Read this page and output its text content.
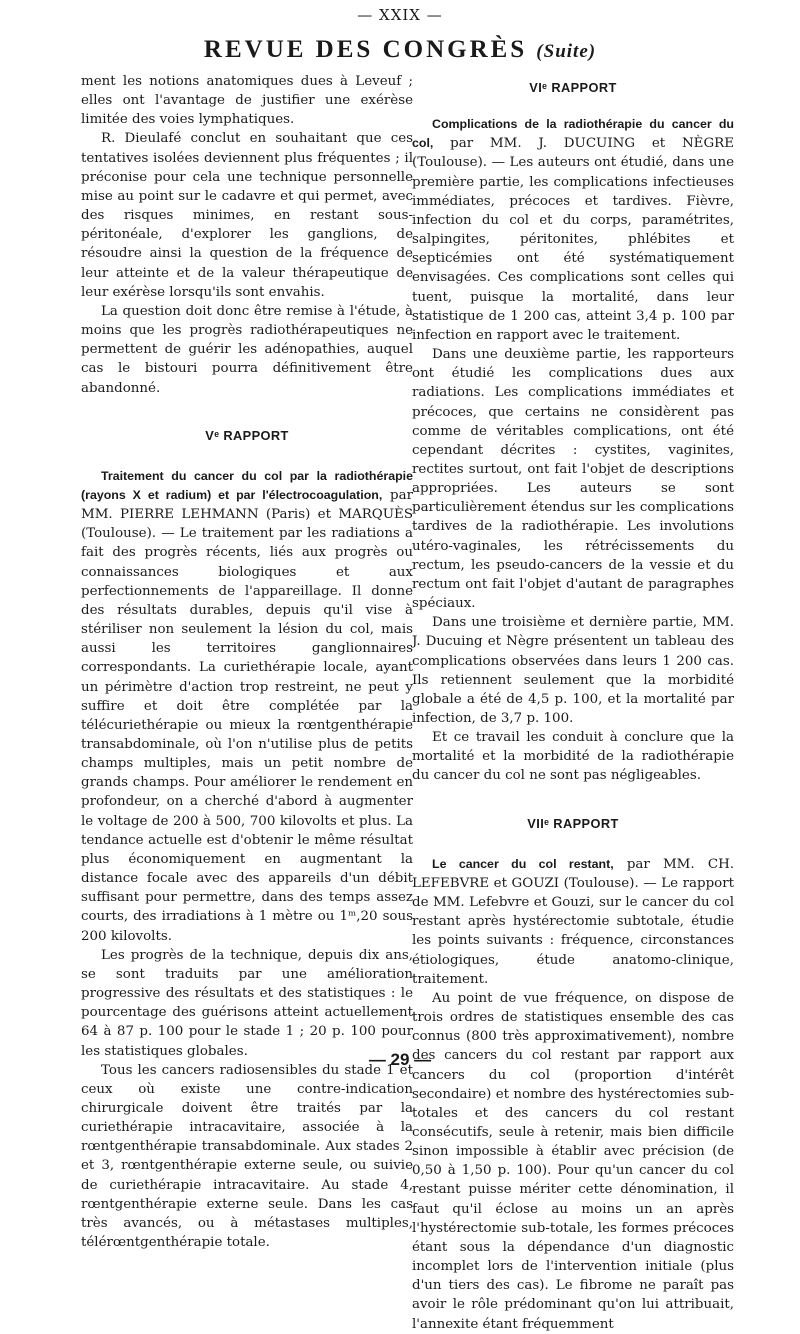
— XXIX —
REVUE DES CONGRÈS (Suite)

ment les notions anatomiques dues à Leveuf ; elles ont l'avantage de justifier une exérèse limitée des voies lymphatiques.

R. Dieulafé conclut en souhaitant que ces tentatives isolées deviennent plus fréquentes ; il préconise pour cela une technique personnelle mise au point sur le cadavre et qui permet, avec des risques minimes, en restant sous-péritonéale, d'explorer les ganglions, de résoudre ainsi la question de la fréquence de leur atteinte et de la valeur thérapeutique de leur exérèse lorsqu'ils sont envahis.

La question doit donc être remise à l'étude, à moins que les progrès radiothérapeutiques ne permettent de guérir les adénopathies, auquel cas le bistouri pourra définitivement être abandonné.

Vᵉ RAPPORT

Traitement du cancer du col par la radiothérapie (rayons X et radium) et par l'électrocoagulation, par MM. PIERRE LEHMANN (Paris) et MARQUÈS (Toulouse). — Le traitement par les radiations a fait des progrès récents, liés aux progrès ou connaissances biologiques et aux perfectionnements de l'appareillage. Il donne des résultats durables, depuis qu'il vise à stériliser non seulement la lésion du col, mais aussi les territoires ganglionnaires correspondants. La curiethérapie locale, ayant un périmètre d'action trop restreint, ne peut y suffire et doit être complétée par la télécuriethérapie ou mieux la rœntgenthérapie transabdominale, où l'on n'utilise plus de petits champs multiples, mais un petit nombre de grands champs. Pour améliorer le rendement en profondeur, on a cherché d'abord à augmenter le voltage de 200 à 500, 700 kilovolts et plus. La tendance actuelle est d'obtenir le même résultat plus économiquement en augmentant la distance focale avec des appareils d'un débit suffisant pour permettre, dans des temps assez courts, des irradiations à 1 mètre ou 1ᵐ,20 sous 200 kilovolts.

Les progrès de la technique, depuis dix ans, se sont traduits par une amélioration progressive des résultats et des statistiques : le pourcentage des guérisons atteint actuellement 64 à 87 p. 100 pour le stade 1 ; 20 p. 100 pour les statistiques globales.

Tous les cancers radiosensibles du stade 1 et ceux où existe une contre-indication chirurgicale doivent être traités par la curiethérapie intracavitaire, associée à la rœntgenthérapie transabdominale. Aux stades 2 et 3, rœntgenthérapie externe seule, ou suivie de curiethérapie intracavitaire. Au stade 4, rœntgenthérapie externe seule. Dans les cas très avancés, ou à métastases multiples, télérœntgenthérapie totale.

VIᵉ RAPPORT

Complications de la radiothérapie du cancer du col, par MM. J. DUCUING et NÈGRE (Toulouse). — Les auteurs ont étudié, dans une première partie, les complications infectieuses immédiates, précoces et tardives. Fièvre, infection du col et du corps, paramétrites, salpingites, péritonites, phlébites et septicémies ont été systématiquement envisagées. Ces complications sont celles qui tuent, puisque la mortalité, dans leur statistique de 1 200 cas, atteint 3,4 p. 100 par infection en rapport avec le traitement.

Dans une deuxième partie, les rapporteurs ont étudié les complications dues aux radiations. Les complications immédiates et précoces, que certains ne considèrent pas comme de véritables complications, ont été cependant décrites : cystites, vaginites, rectites surtout, ont fait l'objet de descriptions appropriées. Les auteurs se sont particulièrement étendus sur les complications tardives de la radiothérapie. Les involutions utéro-vaginales, les rétrécissements du rectum, les pseudo-cancers de la vessie et du rectum ont fait l'objet d'autant de paragraphes spéciaux.

Dans une troisième et dernière partie, MM. J. Ducuing et Nègre présentent un tableau des complications observées dans leurs 1 200 cas. Ils retiennent seulement que la morbidité globale a été de 4,5 p. 100, et la mortalité par infection, de 3,7 p. 100.

Et ce travail les conduit à conclure que la mortalité et la morbidité de la radiothérapie du cancer du col ne sont pas négligeables.

VIIᵉ RAPPORT

Le cancer du col restant, par MM. CH. LEFEBVRE et GOUZI (Toulouse). — Le rapport de MM. Lefebvre et Gouzi, sur le cancer du col restant après hystérectomie subtotale, étudie les points suivants : fréquence, circonstances étiologiques, étude anatomo-clinique, traitement.

Au point de vue fréquence, on dispose de trois ordres de statistiques ensemble des cas connus (800 très approximativement), nombre des cancers du col restant par rapport aux cancers du col (proportion d'intérêt secondaire) et nombre des hystérectomies sub-totales et des cancers du col restant consécutifs, seule à retenir, mais bien difficile sinon impossible à établir avec précision (de 0,50 à 1,50 p. 100). Pour qu'un cancer du col restant puisse mériter cette dénomination, il faut qu'il éclose au moins un an après l'hystérectomie sub-totale, les formes précoces étant sous la dépendance d'un diagnostic incomplet lors de l'intervention initiale (plus d'un tiers des cas). Le fibrome ne paraît pas avoir le rôle prédominant qu'on lui attribuait, l'annexite étant fréquemment

— 29 —
